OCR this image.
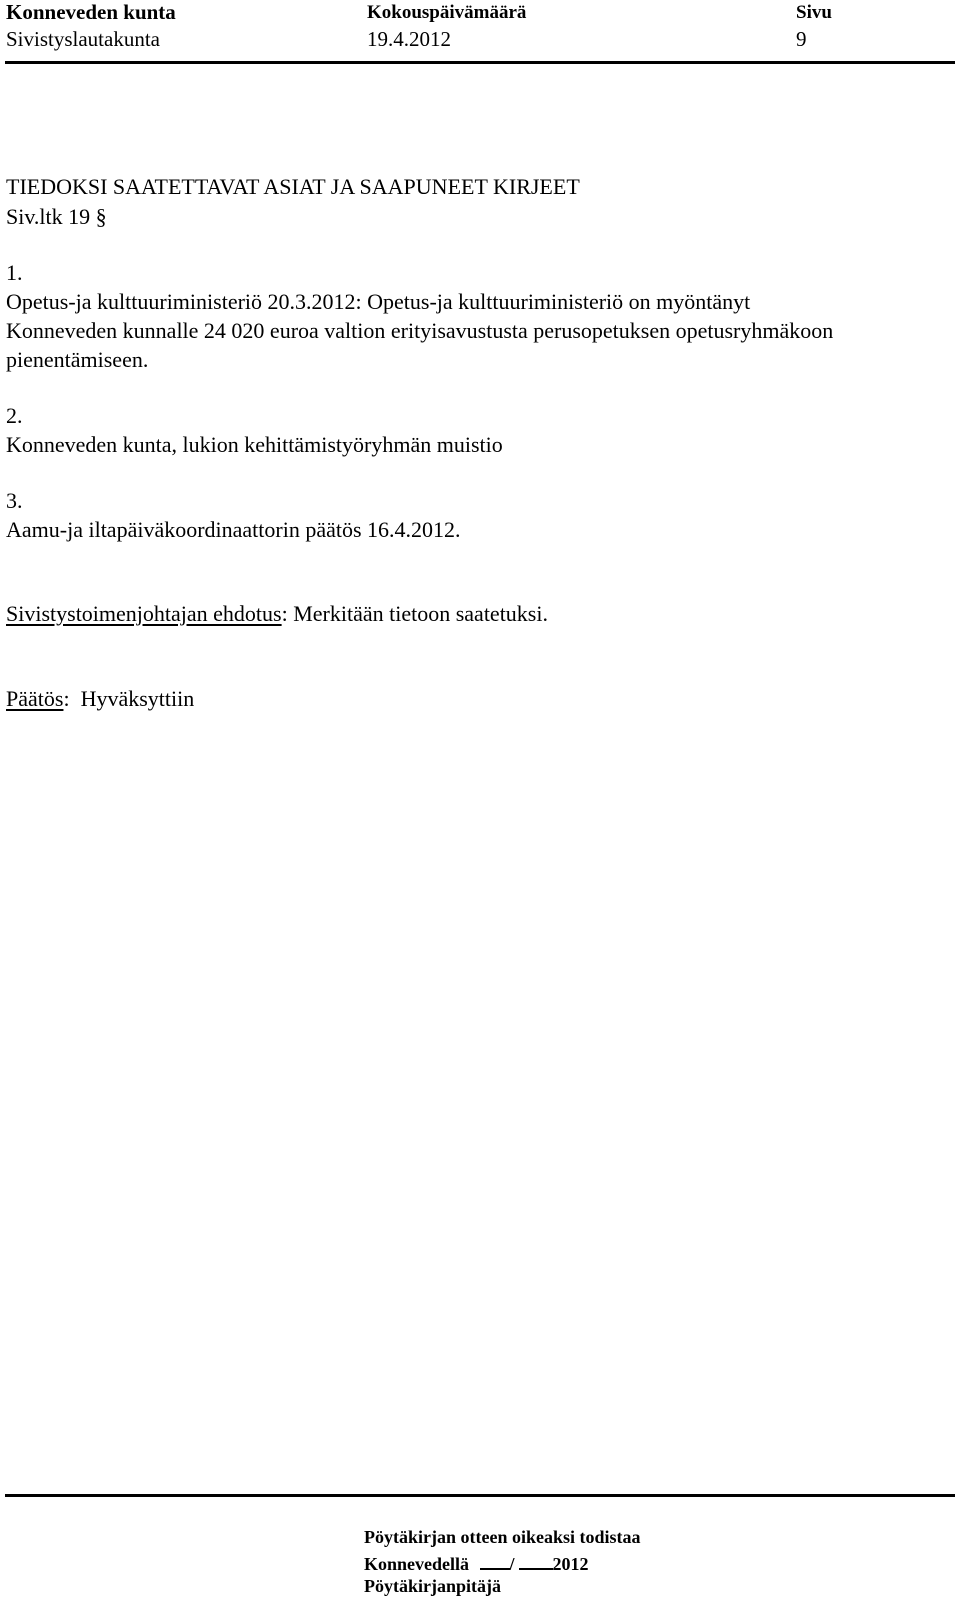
Konneveden kunta
Sivistyslautakunta
Kokouspäivämäärä
19.4.2012
Sivu
9
TIEDOKSI SAATETTAVAT ASIAT JA SAAPUNEET KIRJEET
Siv.ltk 19 §
1.
Opetus-ja kulttuuriministeriö 20.3.2012: Opetus-ja kulttuuriministeriö on myöntänyt
Konneveden kunnalle 24 020 euroa valtion erityisavustusta perusopetuksen opetusryhmäkoon
pienentämiseen.
2.
Konneveden kunta, lukion kehittämistyöryhmän muistio
3.
Aamu-ja iltapäiväkoordinaattorin päätös 16.4.2012.
Sivistystoimenjohtajan ehdotus: Merkitään tietoon saatetuksi.
Päätös:  Hyväksyttiin
Pöytäkirjan otteen oikeaksi todistaa
Konnevedellä / 2012
Pöytäkirjanpitäjä
